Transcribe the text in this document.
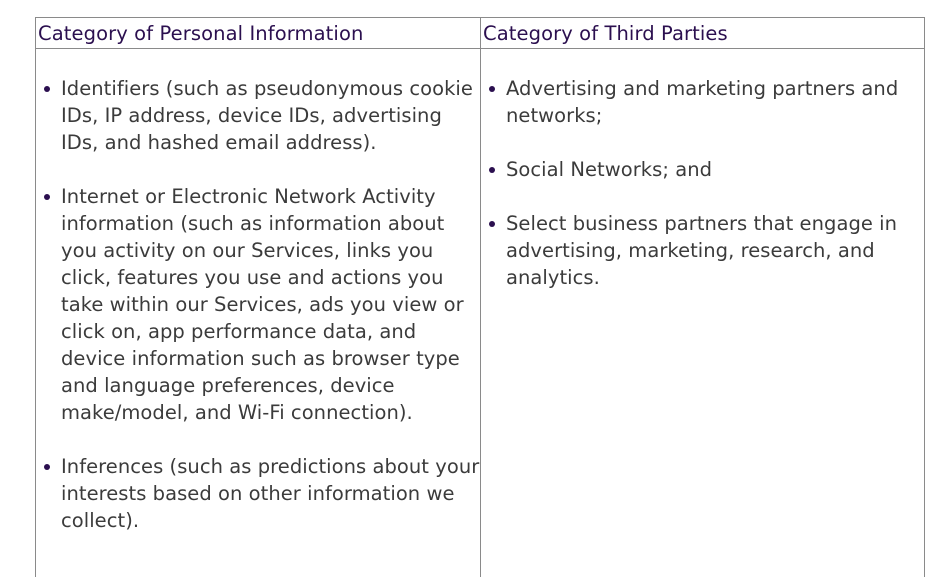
Category of Personal Information
Identifiers (such as pseudonymous cookie IDs, IP address, device IDs, advertising IDs, and hashed email address).
Internet or Electronic Network Activity information (such as information about you activity on our Services, links you click, features you use and actions you take within our Services, ads you view or click on, app performance data, and device information such as browser type and language preferences, device make/model, and Wi-Fi connection).
Inferences (such as predictions about your interests based on other information we collect).
Category of Third Parties
Advertising and marketing partners and networks;
Social Networks; and
Select business partners that engage in advertising, marketing, research, and analytics.
